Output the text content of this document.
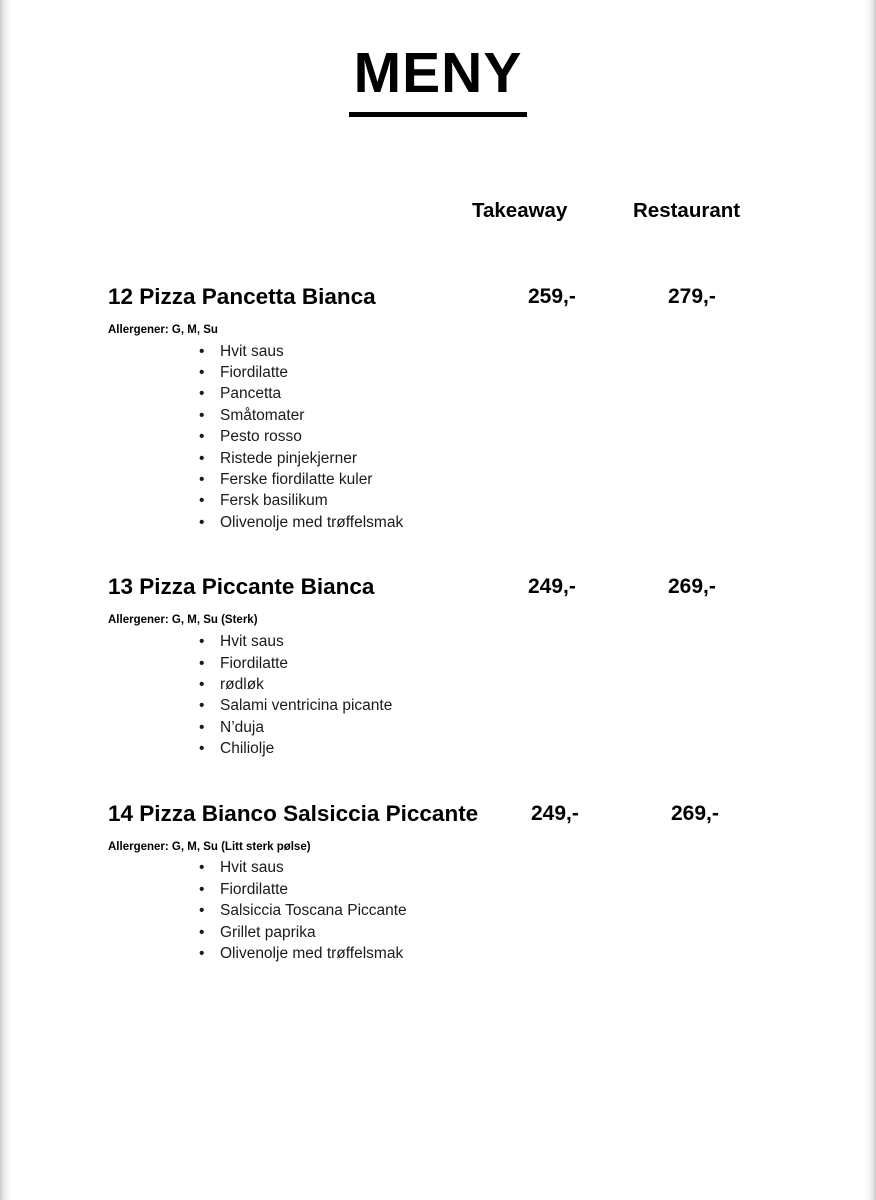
MENY
Takeaway	Restaurant
12 Pizza Pancetta Bianca	259,-	279,-
Allergener: G, M, Su
• Hvit saus
• Fiordilatte
• Pancetta
• Småtomater
• Pesto rosso
• Ristede pinjekjerner
• Ferske fiordilatte kuler
• Fersk basilikum
• Olivenolje med trøffelsmak
13 Pizza Piccante Bianca	249,-	269,-
Allergener: G, M, Su (Sterk)
• Hvit saus
• Fiordilatte
• rødløk
• Salami ventricina picante
• N’duja
• Chiliolje
14 Pizza Bianco Salsiccia Piccante	249,-	269,-
Allergener: G, M, Su (Litt sterk pølse)
• Hvit saus
• Fiordilatte
• Salsiccia Toscana Piccante
• Grillet paprika
• Olivenolje med trøffelsmak
